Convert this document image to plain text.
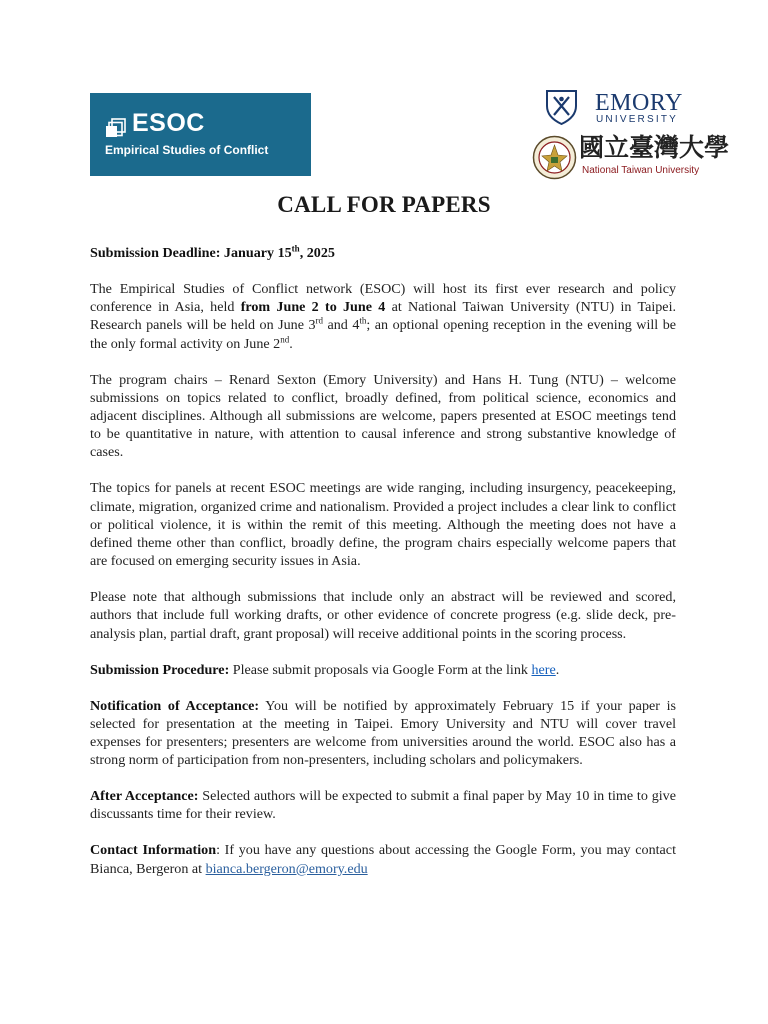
ESOC
Empirical Studies of Conflict
EMORY
UNIVERSITY
國立臺灣大學
National Taiwan University
CALL FOR PAPERS

Submission Deadline: January 15th, 2025

The Empirical Studies of Conflict network (ESOC) will host its first ever research and policy conference in Asia, held from June 2 to June 4 at National Taiwan University (NTU) in Taipei. Research panels will be held on June 3rd and 4th; an optional opening reception in the evening will be the only formal activity on June 2nd.

The program chairs – Renard Sexton (Emory University) and Hans H. Tung (NTU) – welcome submissions on topics related to conflict, broadly defined, from political science, economics and adjacent disciplines. Although all submissions are welcome, papers presented at ESOC meetings tend to be quantitative in nature, with attention to causal inference and strong substantive knowledge of cases.

The topics for panels at recent ESOC meetings are wide ranging, including insurgency, peacekeeping, climate, migration, organized crime and nationalism. Provided a project includes a clear link to conflict or political violence, it is within the remit of this meeting. Although the meeting does not have a defined theme other than conflict, broadly define, the program chairs especially welcome papers that are focused on emerging security issues in Asia.

Please note that although submissions that include only an abstract will be reviewed and scored, authors that include full working drafts, or other evidence of concrete progress (e.g. slide deck, pre-analysis plan, partial draft, grant proposal) will receive additional points in the scoring process.

Submission Procedure: Please submit proposals via Google Form at the link here.

Notification of Acceptance: You will be notified by approximately February 15 if your paper is selected for presentation at the meeting in Taipei. Emory University and NTU will cover travel expenses for presenters; presenters are welcome from universities around the world. ESOC also has a strong norm of participation from non-presenters, including scholars and policymakers.

After Acceptance: Selected authors will be expected to submit a final paper by May 10 in time to give discussants time for their review.

Contact Information: If you have any questions about accessing the Google Form, you may contact Bianca, Bergeron at bianca.bergeron@emory.edu
